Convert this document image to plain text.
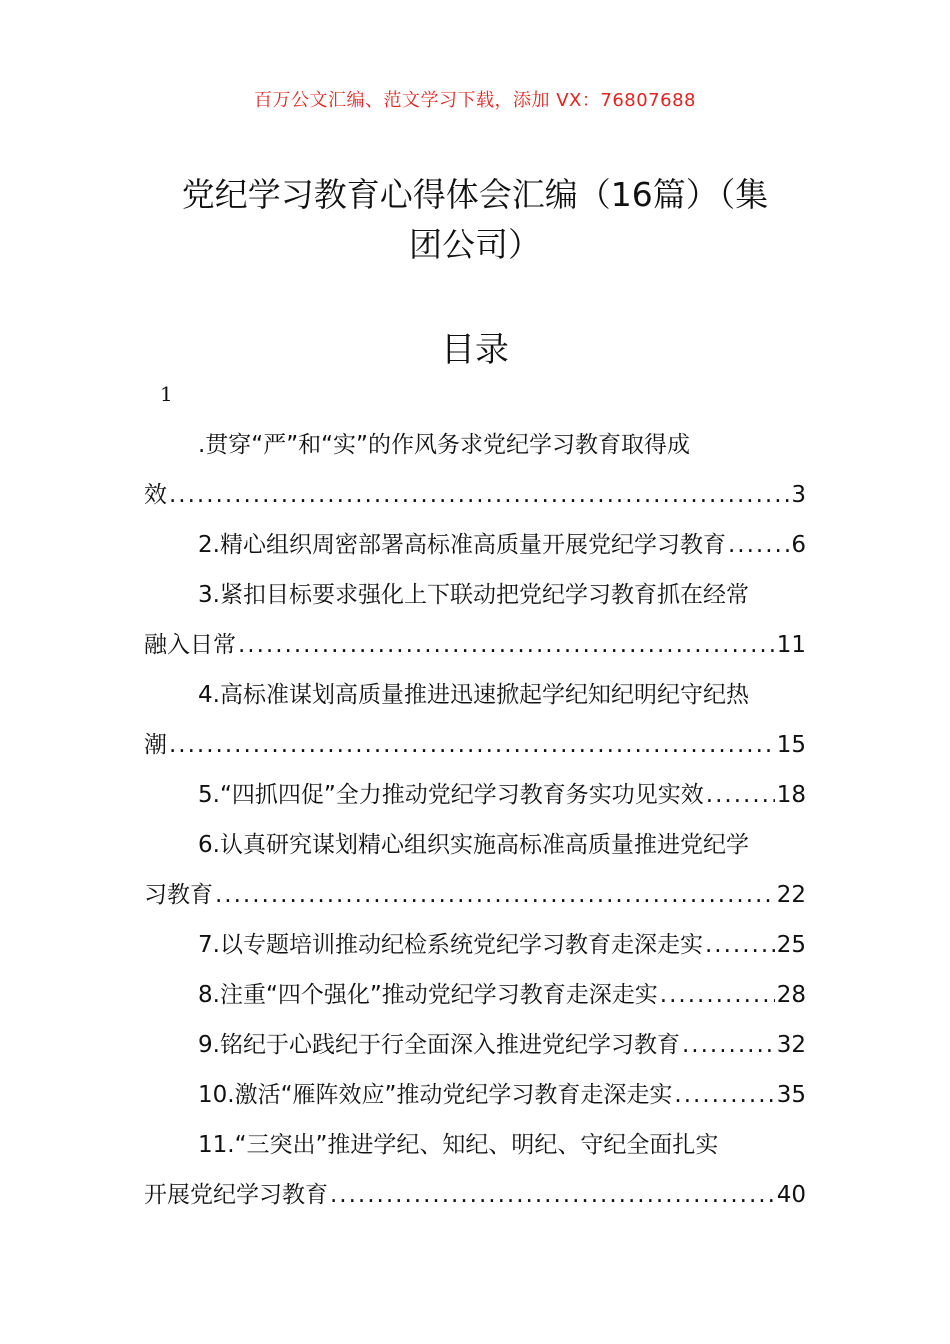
百万公文汇编、范文学习下载，添加 VX：76807688
党纪学习教育心得体会汇编（16篇）（集
团公司）
目录
1
.贯穿“严”和“实”的作风务求党纪学习教育取得成
效 .....	3
2.精心组织周密部署高标准高质量开展党纪学习教育 .....	6
3.紧扣目标要求强化上下联动把党纪学习教育抓在经常
融入日常 .....	11
4.高标准谋划高质量推进迅速掀起学纪知纪明纪守纪热
潮 .....	15
5.“四抓四促”全力推动党纪学习教育务实功见实效 .....	18
6.认真研究谋划精心组织实施高标准高质量推进党纪学
习教育 .....	22
7.以专题培训推动纪检系统党纪学习教育走深走实 .....	25
8.注重“四个强化”推动党纪学习教育走深走实 .....	28
9.铭纪于心践纪于行全面深入推进党纪学习教育 .....	32
10.激活“雁阵效应”推动党纪学习教育走深走实 .....	35
11.“三突出”推进学纪、知纪、明纪、守纪全面扎实
开展党纪学习教育 .....	40
